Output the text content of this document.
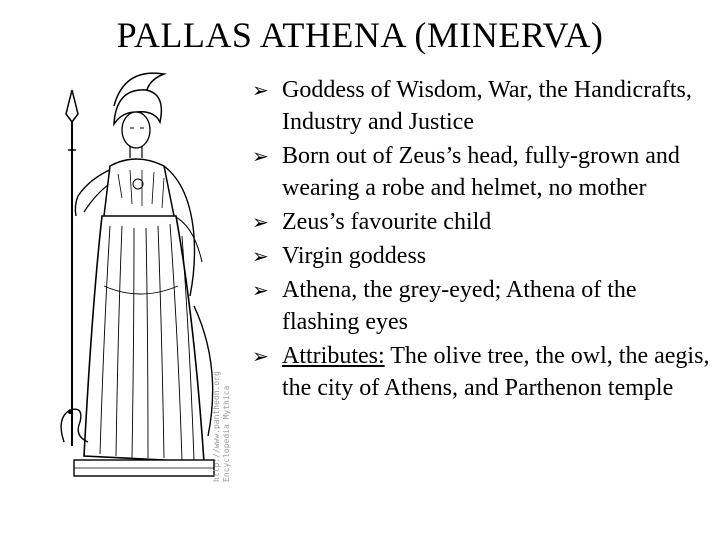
PALLAS ATHENA (MINERVA)
Encyclopedia Mythica
http://www.pantheon.org
➢ Goddess of Wisdom, War, the Handicrafts, Industry and Justice
➢ Born out of Zeus’s head, fully-grown and wearing a robe and helmet, no mother
➢ Zeus’s favourite child
➢ Virgin goddess
➢ Athena, the grey-eyed; Athena of the flashing eyes
➢ Attributes: The olive tree, the owl, the aegis, the city of Athens, and Parthenon temple
